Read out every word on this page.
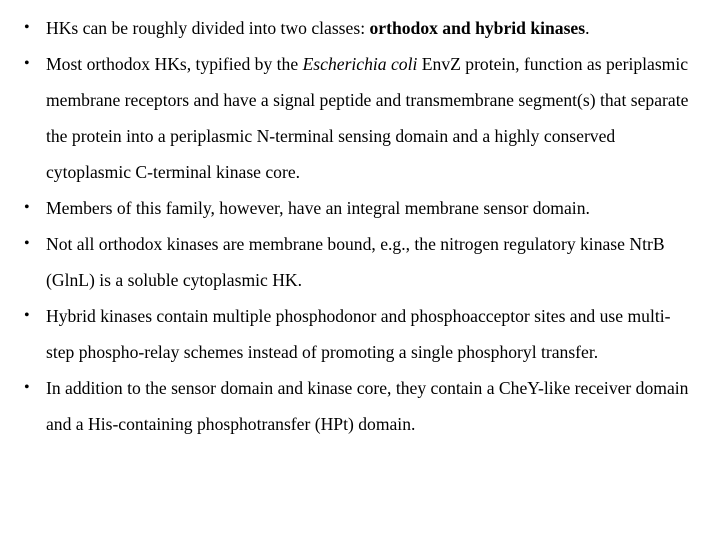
• HKs can be roughly divided into two classes: orthodox and hybrid kinases.
• Most orthodox HKs, typified by the Escherichia coli EnvZ protein, function as periplasmic membrane receptors and have a signal peptide and transmembrane segment(s) that separate the protein into a periplasmic N-terminal sensing domain and a highly conserved cytoplasmic C-terminal kinase core.
• Members of this family, however, have an integral membrane sensor domain.
• Not all orthodox kinases are membrane bound, e.g., the nitrogen regulatory kinase NtrB (GlnL) is a soluble cytoplasmic HK.
• Hybrid kinases contain multiple phosphodonor and phosphoacceptor sites and use multi-step phospho-relay schemes instead of promoting a single phosphoryl transfer.
• In addition to the sensor domain and kinase core, they contain a CheY-like receiver domain and a His-containing phosphotransfer (HPt) domain.
